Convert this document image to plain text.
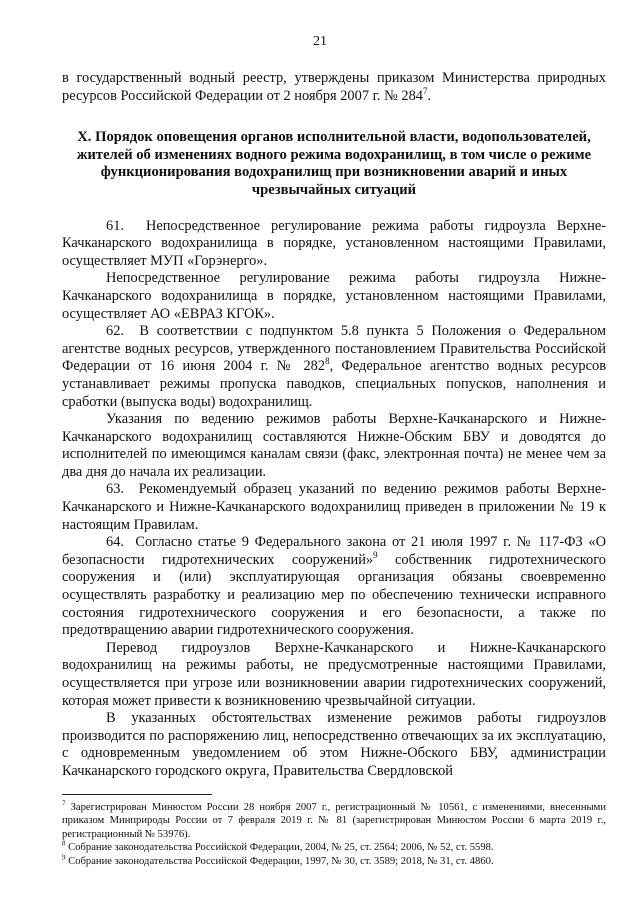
21

в государственный водный реестр, утверждены приказом Министерства природных ресурсов Российской Федерации от 2 ноября 2007 г. № $284^7$.

X. Порядок оповещения органов исполнительной власти, водопользователей, жителей об изменениях водного режима водохранилищ, в том числе о режиме функционирования водохранилищ при возникновении аварий и иных чрезвычайных ситуаций

61.  Непосредственное регулирование режима работы гидроузла Верхне-Качканарского водохранилища в порядке, установленном настоящими Правилами, осуществляет МУП «Горэнерго».

Непосредственное регулирование режима работы гидроузла Нижне-Качканарского водохранилища в порядке, установленном настоящими Правилами, осуществляет АО «ЕВРАЗ КГОК».

62.  В соответствии с подпунктом 5.8 пункта 5 Положения о Федеральном агентстве водных ресурсов, утвержденного постановлением Правительства Российской Федерации от 16 июня 2004 г. № $282^8$, Федеральное агентство водных ресурсов устанавливает режимы пропуска паводков, специальных попусков, наполнения и сработки (выпуска воды) водохранилищ.

Указания по ведению режимов работы Верхне-Качканарского и Нижне-Качканарского водохранилищ составляются Нижне-Обским БВУ и доводятся до исполнителей по имеющимся каналам связи (факс, электронная почта) не менее чем за два дня до начала их реализации.

63.  Рекомендуемый образец указаний по ведению режимов работы Верхне-Качканарского и Нижне-Качканарского водохранилищ приведен в приложении № 19 к настоящим Правилам.

64.  Согласно статье 9 Федерального закона от 21 июля 1997 г. № 117-ФЗ «О безопасности гидротехнических сооружений»$^9$ собственник гидротехнического сооружения и (или) эксплуатирующая организация обязаны своевременно осуществлять разработку и реализацию мер по обеспечению технически исправного состояния гидротехнического сооружения и его безопасности, а также по предотвращению аварии гидротехнического сооружения.

Перевод гидроузлов Верхне-Качканарского и Нижне-Качканарского водохранилищ на режимы работы, не предусмотренные настоящими Правилами, осуществляется при угрозе или возникновении аварии гидротехнических сооружений, которая может привести к возникновению чрезвычайной ситуации.

В указанных обстоятельствах изменение режимов работы гидроузлов производится по распоряжению лиц, непосредственно отвечающих за их эксплуатацию, с одновременным уведомлением об этом Нижне-Обского БВУ, администрации Качканарского городского округа, Правительства Свердловской

$^7$ Зарегистрирован Минюстом России 28 ноября 2007 г., регистрационный № 10561, с изменениями, внесенными приказом Минприроды России от 7 февраля 2019 г. № 81 (зарегистрирован Минюстом России 6 марта 2019 г., регистрационный № 53976).

$^8$ Собрание законодательства Российской Федерации, 2004, № 25, ст. 2564; 2006, № 52, ст. 5598.

$^9$ Собрание законодательства Российской Федерации, 1997, № 30, ст. 3589; 2018, № 31, ст. 4860.
